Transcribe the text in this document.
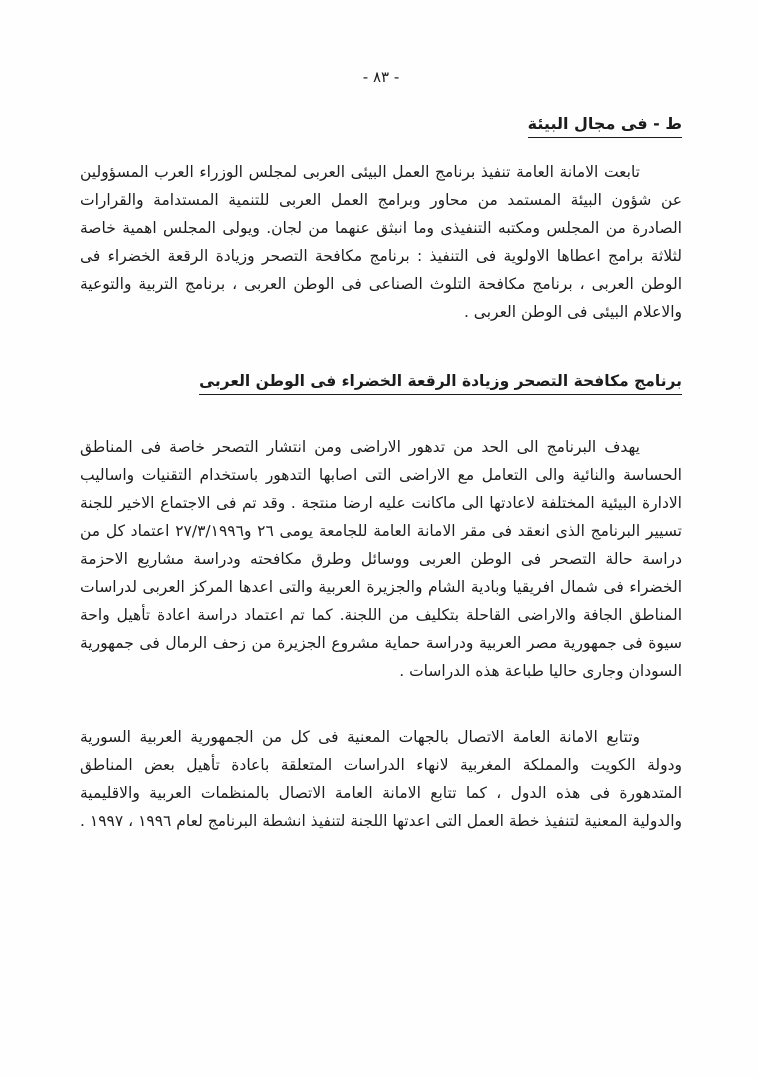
- ٨٣ -
ط - فى مجال البيئة

تابعت الامانة العامة تنفيذ برنامج العمل البيئى العربى لمجلس الوزراء العرب المسؤولين عن شؤون البيئة المستمد من محاور وبرامج العمل العربى للتنمية المستدامة والقرارات الصادرة من المجلس ومكتبه التنفيذى وما انبثق عنهما من لجان. ويولى المجلس اهمية خاصة لثلاثة برامج اعطاها الاولوية فى التنفيذ : برنامج مكافحة التصحر وزيادة الرقعة الخضراء فى الوطن العربى ، برنامج مكافحة التلوث الصناعى فى الوطن العربى ، برنامج التربية والتوعية والاعلام البيئى فى الوطن العربى .

برنامج مكافحة التصحر وزيادة الرقعة الخضراء فى الوطن العربى

يهدف البرنامج الى الحد من تدهور الاراضى ومن انتشار التصحر خاصة فى المناطق الحساسة والنائية والى التعامل مع الاراضى التى اصابها التدهور باستخدام التقنيات واساليب الادارة البيئية المختلفة لاعادتها الى ماكانت عليه ارضا منتجة . وقد تم فى الاجتماع الاخير للجنة تسيير البرنامج الذى انعقد فى مقر الامانة العامة للجامعة يومى ٢٦ و٢٧/٣/١٩٩٦ اعتماد كل من دراسة حالة التصحر فى الوطن العربى ووسائل وطرق مكافحته ودراسة مشاريع الاحزمة الخضراء فى شمال افريقيا وبادية الشام والجزيرة العربية والتى اعدها المركز العربى لدراسات المناطق الجافة والاراضى القاحلة بتكليف من اللجنة. كما تم اعتماد دراسة اعادة تأهيل واحة سيوة فى جمهورية مصر العربية ودراسة حماية مشروع الجزيرة من زحف الرمال فى جمهورية السودان وجارى حاليا طباعة هذه الدراسات .

وتتابع الامانة العامة الاتصال بالجهات المعنية فى كل من الجمهورية العربية السورية ودولة الكويت والمملكة المغربية لانهاء الدراسات المتعلقة باعادة تأهيل بعض المناطق المتدهورة فى هذه الدول ، كما تتابع الامانة العامة الاتصال بالمنظمات العربية والاقليمية والدولية المعنية لتنفيذ خطة العمل التى اعدتها اللجنة لتنفيذ انشطة البرنامج لعام ١٩٩٦ ، ١٩٩٧ .
